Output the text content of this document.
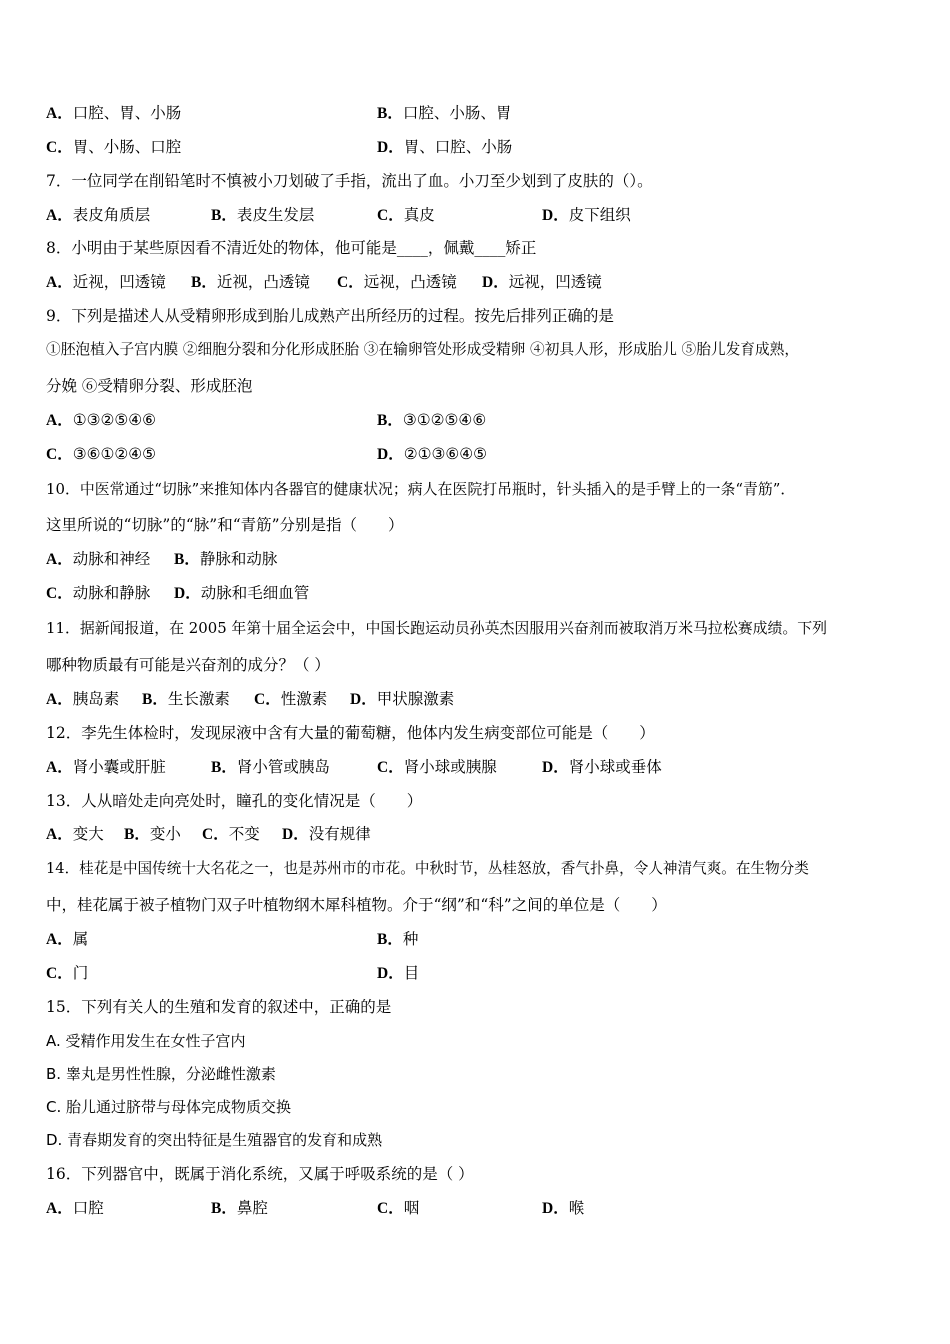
A．口腔、胃、小肠	B．口腔、小肠、胃
C．胃、小肠、口腔	D．胃、口腔、小肠
7．一位同学在削铅笔时不慎被小刀划破了手指，流出了血。小刀至少划到了皮肤的（）。
A．表皮角质层	B．表皮生发层	C．真皮	D．皮下组织
8．小明由于某些原因看不清近处的物体，他可能是____，佩戴____矫正
A．近视，凹透镜 B．近视，凸透镜 C．远视，凸透镜 D．远视，凹透镜
9．下列是描述人从受精卵形成到胎儿成熟产出所经历的过程。按先后排列正确的是
①胚泡植入子宫内膜 ②细胞分裂和分化形成胚胎 ③在输卵管处形成受精卵 ④初具人形，形成胎儿 ⑤胎儿发育成熟，
分娩 ⑥受精卵分裂、形成胚泡
A．①③②⑤④⑥	B．③①②⑤④⑥
C．③⑥①②④⑤	D．②①③⑥④⑤
10．中医常通过“切脉”来推知体内各器官的健康状况；病人在医院打吊瓶时，针头插入的是手臂上的一条“青筋”．
这里所说的“切脉”的“脉”和“青筋”分别是指（　　）
A．动脉和神经 B．静脉和动脉
C．动脉和静脉 D．动脉和毛细血管
11．据新闻报道，在 2005 年第十届全运会中，中国长跑运动员孙英杰因服用兴奋剂而被取消万米马拉松赛成绩。下列
哪种物质最有可能是兴奋剂的成分？（ ）
A．胰岛素 B．生长激素 C．性激素 D．甲状腺激素
12．李先生体检时，发现尿液中含有大量的葡萄糖，他体内发生病变部位可能是（　　）
A．肾小囊或肝脏	B．肾小管或胰岛	C．肾小球或胰腺	D．肾小球或垂体
13．人从暗处走向亮处时，瞳孔的变化情况是（　　）
A．变大 B．变小 C．不变 D．没有规律
14．桂花是中国传统十大名花之一，也是苏州市的市花。中秋时节，丛桂怒放，香气扑鼻，令人神清气爽。在生物分类
中，桂花属于被子植物门双子叶植物纲木犀科植物。介于“纲”和“科”之间的单位是（　　）
A．属	B．种
C．门	D．目
15．下列有关人的生殖和发育的叙述中，正确的是
A. 受精作用发生在女性子宫内
B. 睾丸是男性性腺，分泌雌性激素
C. 胎儿通过脐带与母体完成物质交换
D. 青春期发育的突出特征是生殖器官的发育和成熟
16．下列器官中，既属于消化系统，又属于呼吸系统的是（ ）
A．口腔	B．鼻腔	C．咽	D．喉
